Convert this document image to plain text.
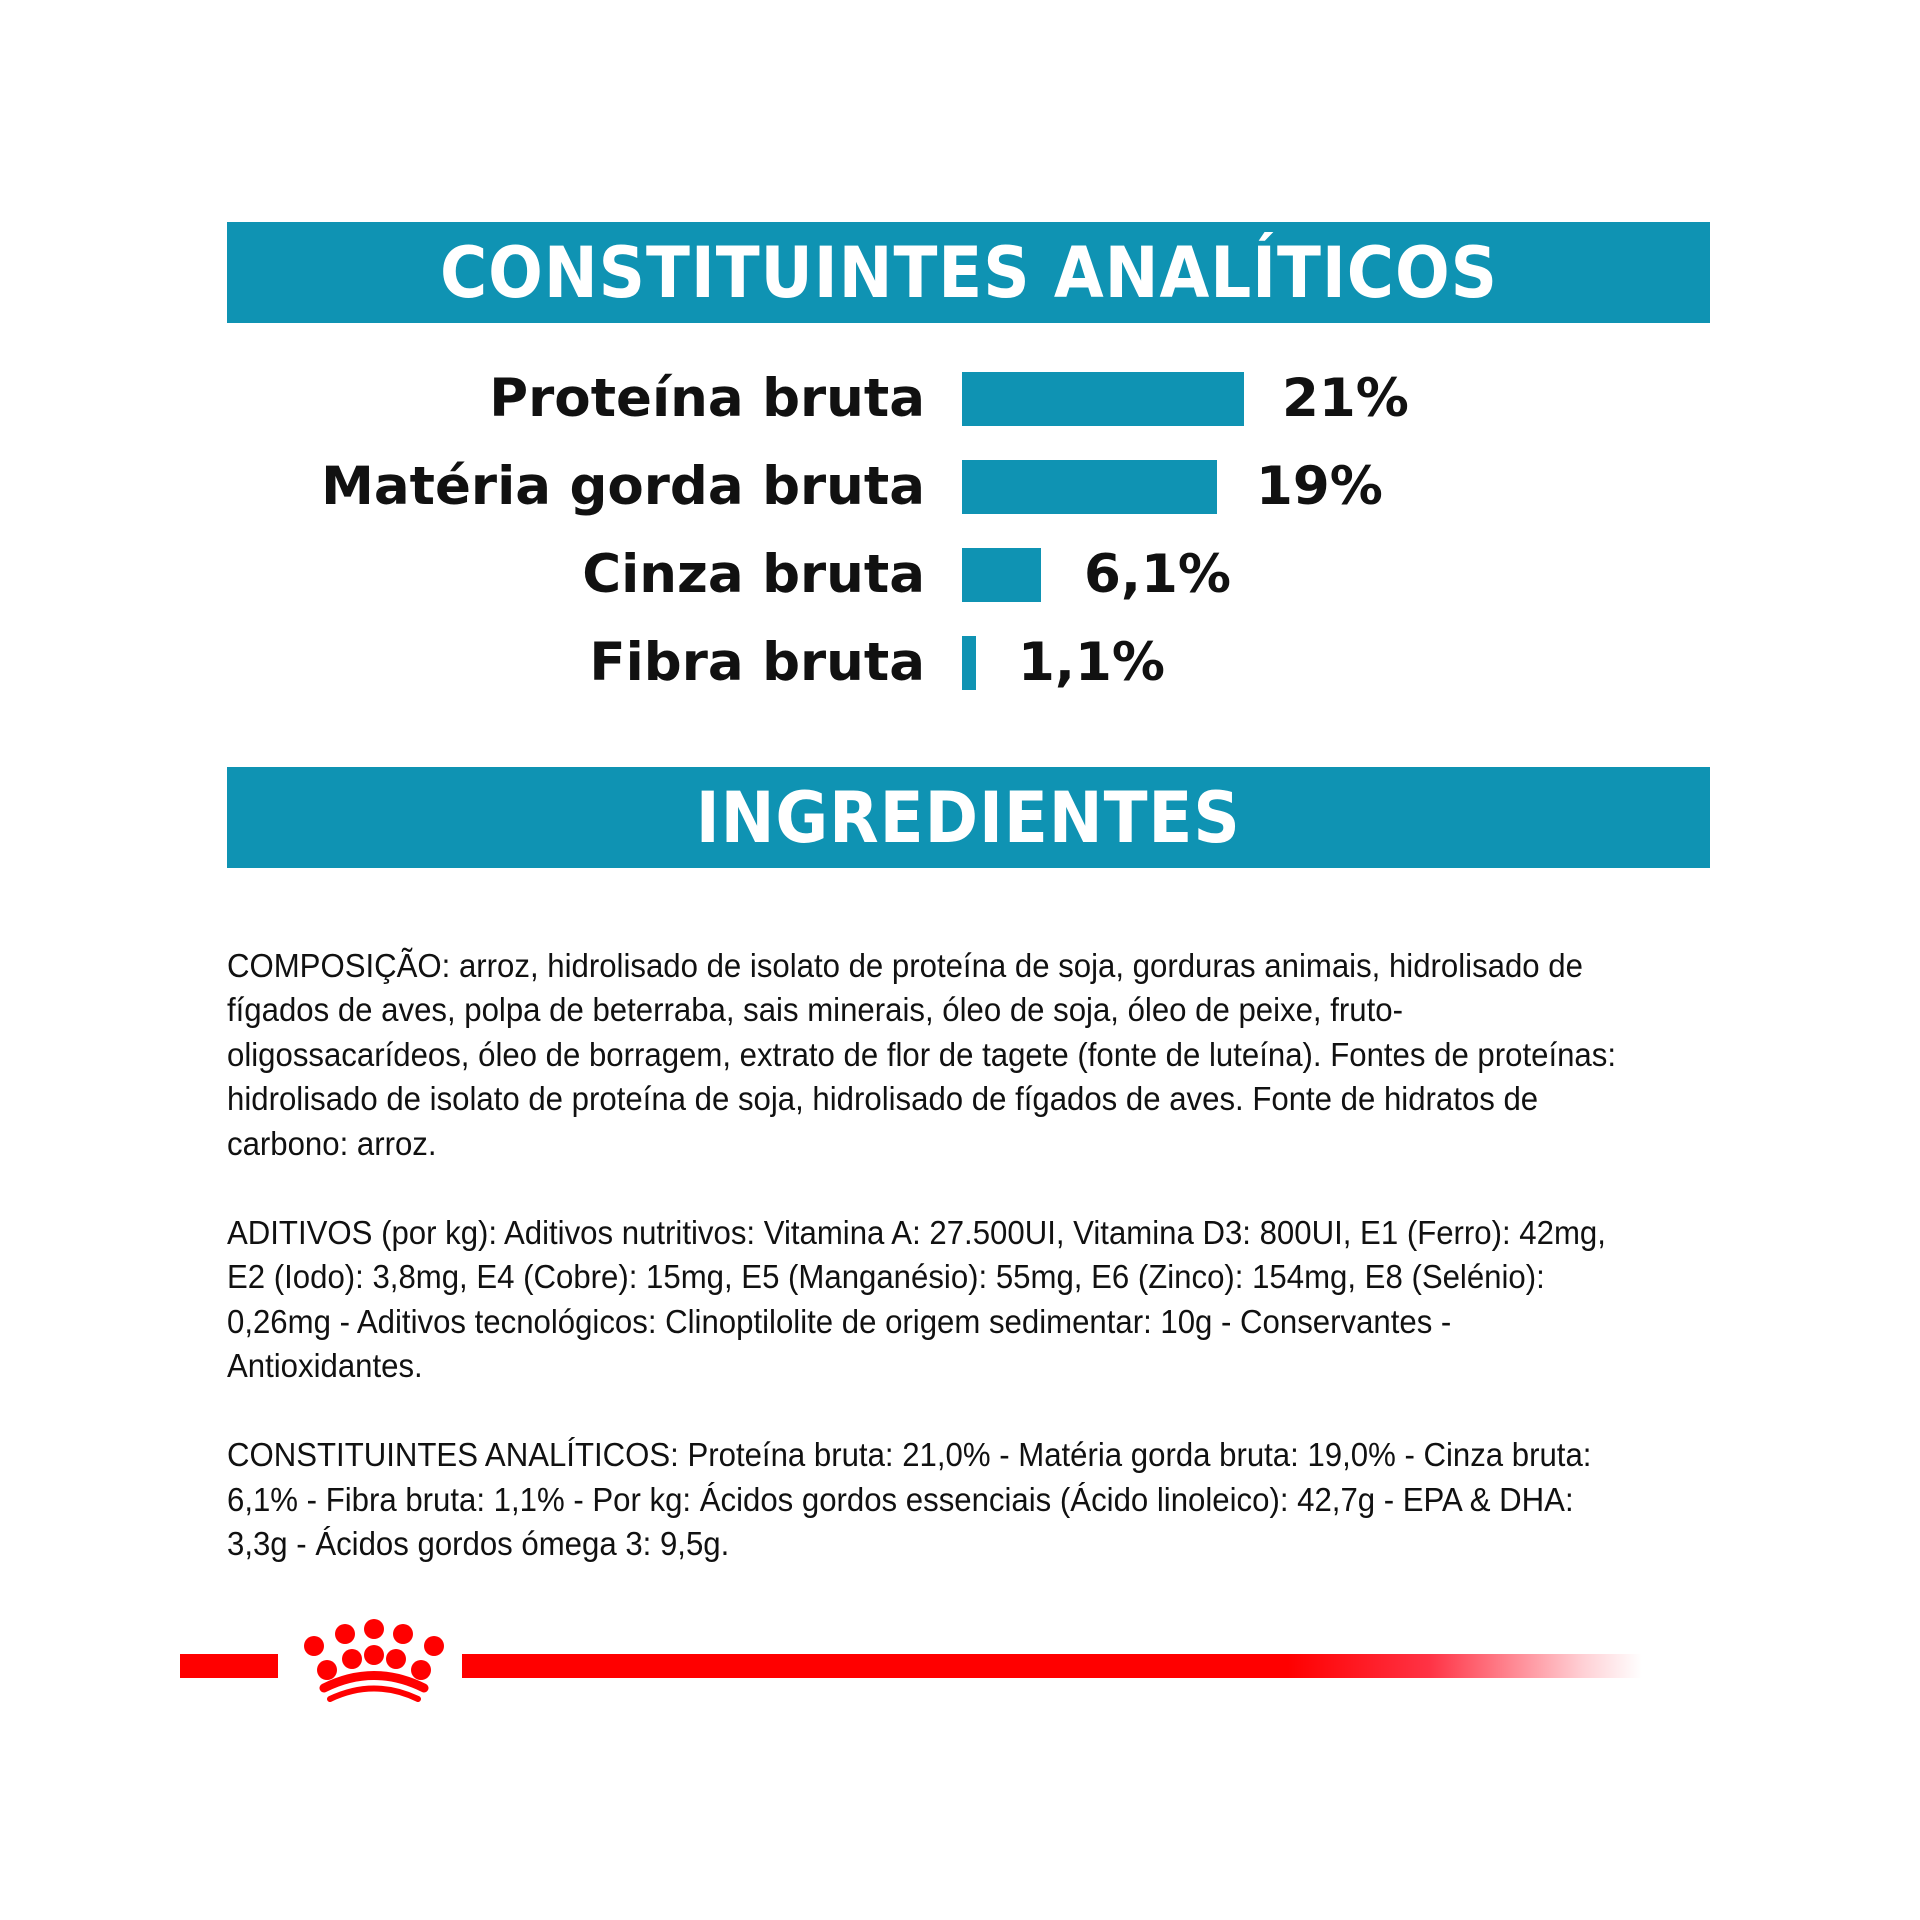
CONSTITUINTES ANALÍTICOS
Proteína bruta	21%
Matéria gorda bruta	19%
Cinza bruta	6,1%
Fibra bruta 1,1%
INGREDIENTES

COMPOSIÇÃO: arroz, hidrolisado de isolato de proteína de soja, gorduras animais, hidrolisado de fígados de aves, polpa de beterraba, sais minerais, óleo de soja, óleo de peixe, fruto-oligossacarídeos, óleo de borragem, extrato de flor de tagete (fonte de luteína). Fontes de proteínas: hidrolisado de isolato de proteína de soja, hidrolisado de fígados de aves. Fonte de hidratos de carbono: arroz.

ADITIVOS (por kg): Aditivos nutritivos: Vitamina A: 27.500UI, Vitamina D3: 800UI, E1 (Ferro): 42mg, E2 (Iodo): 3,8mg, E4 (Cobre): 15mg, E5 (Manganésio): 55mg, E6 (Zinco): 154mg, E8 (Selénio): 0,26mg - Aditivos tecnológicos: Clinoptilolite de origem sedimentar: 10g - Conservantes - Antioxidantes.

CONSTITUINTES ANALÍTICOS: Proteína bruta: 21,0% - Matéria gorda bruta: 19,0% - Cinza bruta: 6,1% - Fibra bruta: 1,1% - Por kg: Ácidos gordos essenciais (Ácido linoleico): 42,7g - EPA & DHA: 3,3g - Ácidos gordos ómega 3: 9,5g.
